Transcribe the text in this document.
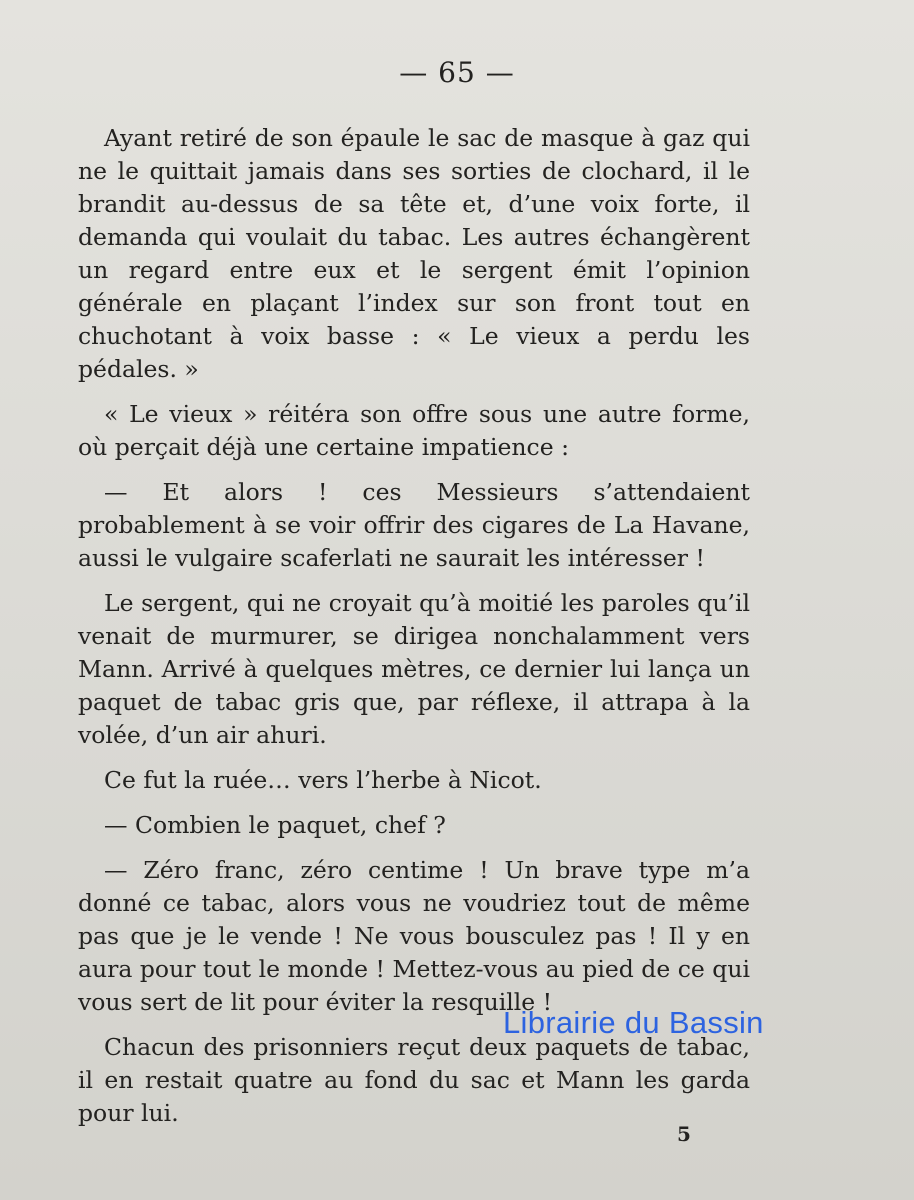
— 65 —

Ayant retiré de son épaule le sac de masque à gaz qui ne le quittait jamais dans ses sorties de clochard, il le brandit au-dessus de sa tête et, d’une voix forte, il demanda qui voulait du tabac. Les autres échangèrent un regard entre eux et le sergent émit l’opinion générale en plaçant l’index sur son front tout en chuchotant à voix basse : « Le vieux a perdu les pédales. »

« Le vieux » réitéra son offre sous une autre forme, où perçait déjà une certaine impatience :

— Et alors ! ces Messieurs s’attendaient probablement à se voir offrir des cigares de La Havane, aussi le vulgaire scaferlati ne saurait les intéresser !

Le sergent, qui ne croyait qu’à moitié les paroles qu’il venait de murmurer, se dirigea nonchalamment vers Mann. Arrivé à quelques mètres, ce dernier lui lança un paquet de tabac gris que, par réflexe, il attrapa à la volée, d’un air ahuri.

Ce fut la ruée… vers l’herbe à Nicot.

— Combien le paquet, chef ?

— Zéro franc, zéro centime ! Un brave type m’a donné ce tabac, alors vous ne voudriez tout de même pas que je le vende ! Ne vous bousculez pas ! Il y en aura pour tout le monde ! Mettez-vous au pied de ce qui vous sert de lit pour éviter la resquille !

Chacun des prisonniers reçut deux paquets de tabac, il en restait quatre au fond du sac et Mann les garda pour lui.

5
Librairie du Bassin
